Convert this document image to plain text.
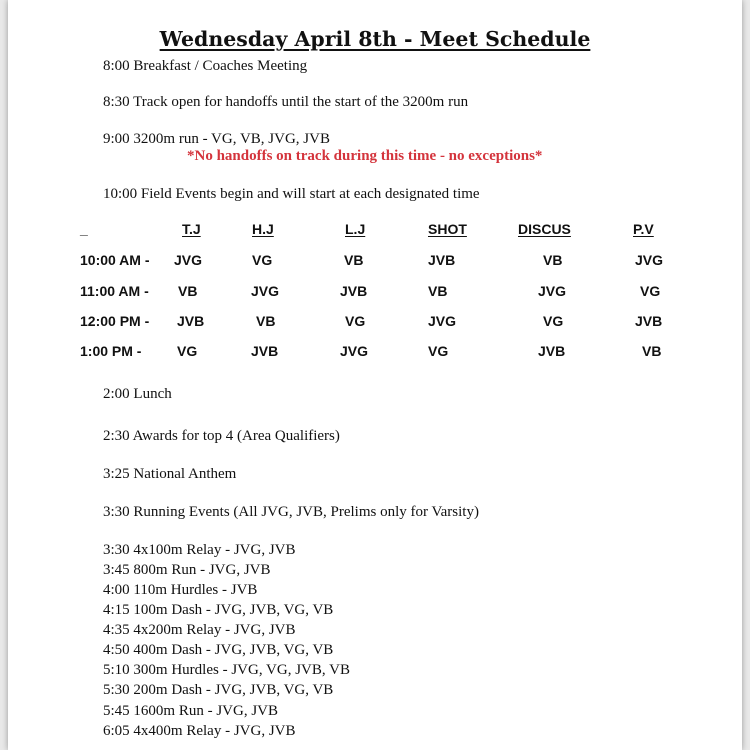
Wednesday April 8th - Meet Schedule
8:00 Breakfast / Coaches Meeting
8:30 Track open for handoffs until the start of the 3200m run
9:00 3200m run - VG, VB, JVG, JVB
*No handoffs on track during this time - no exceptions*
10:00 Field Events begin and will start at each designated time
_	T.J	H.J	L.J	SHOT	DISCUS	P.V
10:00 AM - JVG	VG	VB	JVB	VB	JVG
11:00 AM - VB	JVG	JVB	VB	JVG	VG
12:00 PM - JVB	VB	VG	JVG	VG	JVB
1:00 PM -	VG	JVB	JVG	VG	JVB	VB
2:00 Lunch
2:30 Awards for top 4 (Area Qualifiers)
3:25 National Anthem
3:30 Running Events (All JVG, JVB, Prelims only for Varsity)
3:30 4x100m Relay - JVG, JVB
3:45 800m Run - JVG, JVB
4:00 110m Hurdles - JVB
4:15 100m Dash - JVG, JVB, VG, VB
4:35 4x200m Relay - JVG, JVB
4:50 400m Dash - JVG, JVB, VG, VB
5:10 300m Hurdles - JVG, VG, JVB, VB
5:30 200m Dash - JVG, JVB, VG, VB
5:45 1600m Run - JVG, JVB
6:05 4x400m Relay - JVG, JVB
